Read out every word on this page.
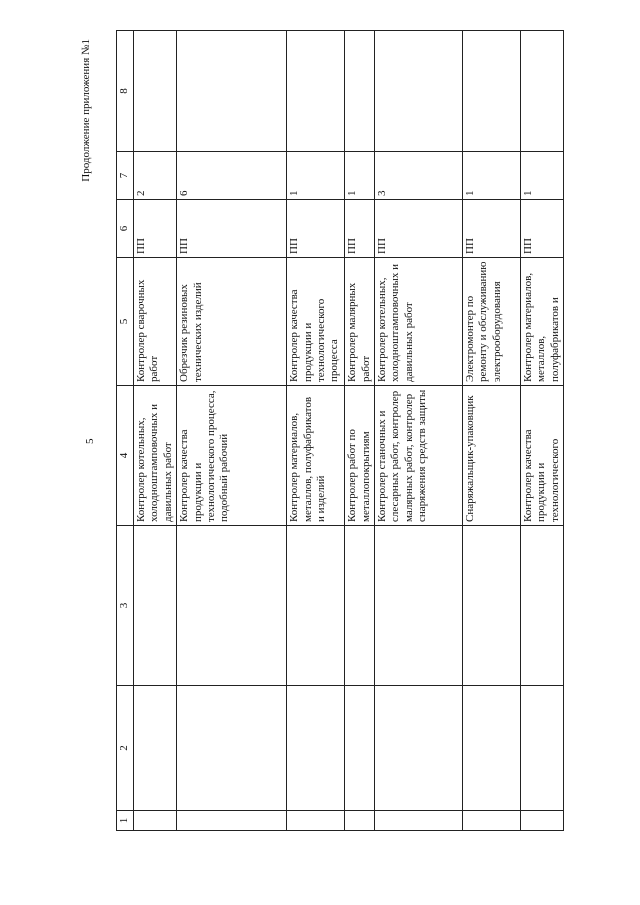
5
Продолжение приложения №1
1	2	3	4	5	6	7	8
			Контролер котельных, холодноштамповочных и давильных работ	Контролер сварочных работ	ПП	2	
			Контролер качества продукции и технологического процесса, подобный рабочий	Обрезчик резиновых технических изделий	ПП	6	
			Контролер материалов, металлов, полуфабрикатов и изделий	Контролер качества продукции и технологического процесса	ПП	1	
			Контролер работ по металлопокрытиям	Контролер малярных работ	ПП	1	
			Контролер станочных и слесарных работ, контролер малярных работ, контролер снаряжения средств защиты	Контролер котельных, холодноштамповочных и давильных работ	ПП	3	
			Снаряжальщик-упаковщик	Электромонтер по ремонту и обслуживанию электрооборудования	ПП	1	
			Контролер качества продукции и технологического	Контролер материалов, металлов, полуфабрикатов и	ПП	1	
